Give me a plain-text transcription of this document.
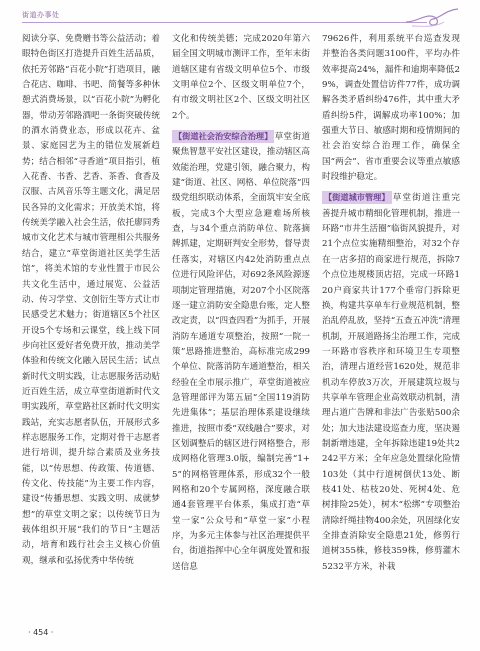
街道办事处

阅读分享、免费赠书等公益活动；着眼特色街区打造提升百姓生活品质，依托芳邻路“百花小院”打造项目，融合花店、咖啡、书吧、简餐等多种休憩式消费场景，以“百花小院”为孵化器，带动芳邻路酒吧一条街突破传统的酒水消费业态，形成以花卉、盆景、家庭园艺为主的错位发展新趋势；结合相邻“寻香道”项目指引，植入花香、书香、艺香、茶香、食香及汉服、古风音乐等主题文化，满足居民各异的文化需求；开放美术馆，将传统美学融入社会生活，依托廖同秀城市文化艺术与城市管理相公共服务结合，建立“草堂街道社区美学生活馆”，将美术馆的专业性置于市民公共文化生活中，通过展览、公益活动、传习学堂、文创衍生等方式让市民感受艺术魅力；街道辖区5个社区开设5个专场和云课堂，线上线下同步向社区爱好者免费开放，推动美学体验和传统文化融入居民生活；试点新时代文明实践，让志愿服务活动贴近百姓生活，成立草堂街道新时代文明实践所，草堂路社区新时代文明实践站，充实志愿者队伍，开展形式多样志愿服务工作，定期对骨干志愿者进行培训，提升综合素质及业务技能，以“传思想、传政策、传道德、传文化、传技能”为主要工作内容，建设“传播思想、实践文明、成就梦想”的草堂文明之家；以传统节日为载体组织开展“我们的节日”主题活动，培育和践行社会主义核心价值观，继承和弘扬优秀中华传统

文化和传统美德；完成2020年第六届全国文明城市测评工作，至年末街道辖区建有省级文明单位5个、市级文明单位2个、区级文明单位7个，有市级文明社区2个、区级文明社区2个。

【街道社会治安综合治理】 草堂街道聚焦智慧平安社区建设，推动辖区高效能治理，党建引领，融合聚力，构建“街道、社区、网格、单位院落”四级党组织联动体系，全面筑牢安全底板，完成3个大型应急避难场所核查，与34个重点消防单位、院落摘牌抓建，定期研判安全形势，督导责任落实，对辖区内42处消防重点点位进行风险评估，对692条风险源逐项制定管理措施，对207个小区院落逐一建立消防安全隐患台账，定人整改定责，以“四查四看”为抓手，开展消防车通道专项整治，按照“一院一策”思路推进整治，高标准完成299个单位、院落消防车通道整治，相关经验在全市展示推广，草堂街道被应急管理部评为第五届“全国119消防先进集体”；基层治理体系建设继续推进，按照市委“双线融合”要求，对区划调整后的辖区进行网格整合，形成网格化管理3.0版，编制完善“1+5”的网格管理体系，形成32个一般网格和20个专属网格，深度融合联通4套管理平台体系，集成打造“草堂一家”公众号和“草堂一家”小程序，为多元主体参与社区治理提供平台，街道指挥中心全年调度处置和报送信息

79626件，利用系统平台巡查发现并整治各类问题3100件，平均办件效率提高24%，漏件和逾期率降低29%，调查处置信访件77件，成功调解各类矛盾纠纷476件，其中重大矛盾纠纷5件，调解成功率100%；加强重大节日、敏感时期和疫情期间的社会治安综合治理工作，确保全国“两会”、省市重要会议等重点敏感时段维护稳定。

【街道城市管理】 草堂街道注重完善提升城市精细化管理机制，推进一环路“市井生活圈”临街风貌提升，对21个点位实施精细整治，对32个存在一店多招的商家进行规范，拆除7个点位违规楼顶店招，完成一环路120户商家共计177个垂帘门拆除更换，构建共享单车行业规范机制，整治乱停乱放，坚持“五查五冲洗”清理机制，开展道路扬尘治理工作，完成一环路市容秩序和环境卫生专项整治，清理占道经营1620处，规范非机动车停放3万次，开展建筑垃圾与共享单车管理企业高效联动机制，清理占道广告牌和非法广告张贴500余处；加大违法建设巡查力度，坚决遏制新增违建，全年拆除违建19处共2242平方米；全年应急处置绿化险情103处（其中行道树倒伏13处、断枝41处、枯枝20处、死树4处、危树排险25处），树木“松绑”专项整治清除纤绳挂物400余处，巩固绿化安全排查消除安全隐患21处，修剪行道树355株，修枝359株，修剪灌木5232平方米，补栽

· 454 ·
